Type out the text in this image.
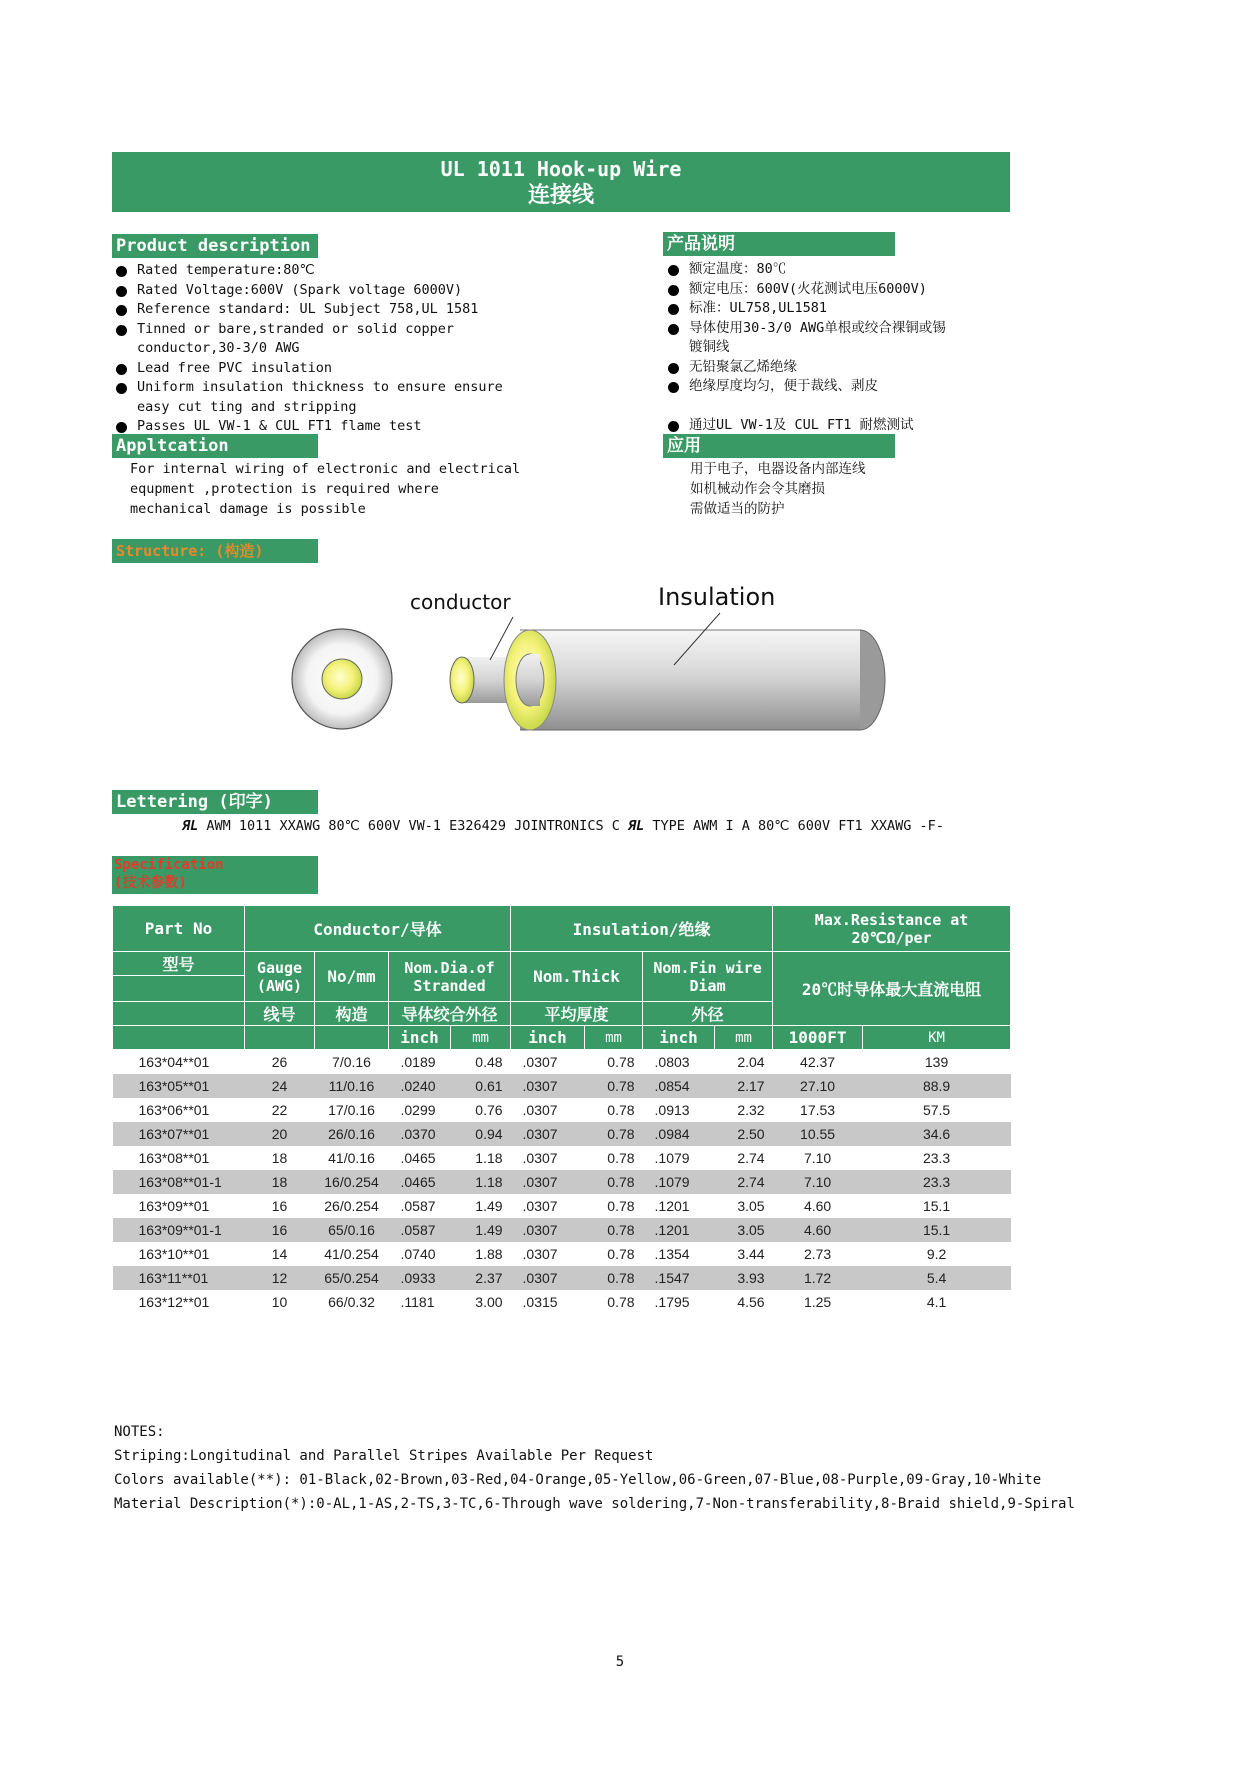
UL 1011 Hook-up Wire
连接线
Product description
Rated temperature:80℃
Rated Voltage:600V (Spark voltage 6000V)
Reference standard: UL Subject 758,UL 1581
Tinned or bare,stranded or solid copper conductor,30-3/0 AWG
Lead free PVC insulation
Uniform insulation thickness to ensure ensure easy cut ting and stripping
Passes UL VW-1 & CUL FT1 flame test
产品说明
额定温度：80℃
额定电压：600V(火花测试电压6000V)
标准：UL758,UL1581
导体使用30-3/0 AWG单根或绞合裸铜或锡镀铜线
无铅聚氯乙烯绝缘
绝缘厚度均匀，便于裁线、剥皮
通过UL VW-1及 CUL FT1 耐燃测试
Appltcation
For internal wiring of electronic and electrical
equpment ,protection is required where
mechanical damage is possible
应用
用于电子，电器设备内部连线
如机械动作会令其磨损
需做适当的防护
Structure: (构造)
conductor	Insulation
Lettering (印字)
ЯL AWM 1011 XXAWG 80℃ 600V VW-1 E326429 JOINTRONICS C ЯL TYPE AWM I A 80℃ 600V FT1 XXAWG -F-
Specification
(技术参数)
Part No	Conductor/导体				Insulation/绝缘				Max.Resistance at
20℃Ω/per	

型号	Gauge (AWG)	No/mm	Nom.Dia.of Stranded		Nom.Thick		Nom.Fin wire Diam		20℃时导体最大直流电阻	

	线号	构造	导体绞合外径		平均厚度		外径			
			inch	mm	inch	mm	inch	mm	1000FT	KM
163*04**01	26	7/0.16	.0189	0.48	.0307	0.78	.0803	2.04	42.37	139
163*05**01	24	11/0.16	.0240	0.61	.0307	0.78	.0854	2.17	27.10	88.9
163*06**01	22	17/0.16	.0299	0.76	.0307	0.78	.0913	2.32	17.53	57.5
163*07**01	20	26/0.16	.0370	0.94	.0307	0.78	.0984	2.50	10.55	34.6
163*08**01	18	41/0.16	.0465	1.18	.0307	0.78	.1079	2.74	7.10	23.3
163*08**01-1	18	16/0.254	.0465	1.18	.0307	0.78	.1079	2.74	7.10	23.3
163*09**01	16	26/0.254	.0587	1.49	.0307	0.78	.1201	3.05	4.60	15.1
163*09**01-1	16	65/0.16	.0587	1.49	.0307	0.78	.1201	3.05	4.60	15.1
163*10**01	14	41/0.254	.0740	1.88	.0307	0.78	.1354	3.44	2.73	9.2
163*11**01	12	65/0.254	.0933	2.37	.0307	0.78	.1547	3.93	1.72	5.4
163*12**01	10	66/0.32	.1181	3.00	.0315	0.78	.1795	4.56	1.25	4.1
NOTES:
Striping:Longitudinal and Parallel Stripes Available Per Request
Colors available(**): 01-Black,02-Brown,03-Red,04-Orange,05-Yellow,06-Green,07-Blue,08-Purple,09-Gray,10-White
Material Description(*):0-AL,1-AS,2-TS,3-TC,6-Through wave soldering,7-Non-transferability,8-Braid shield,9-Spiral
5
